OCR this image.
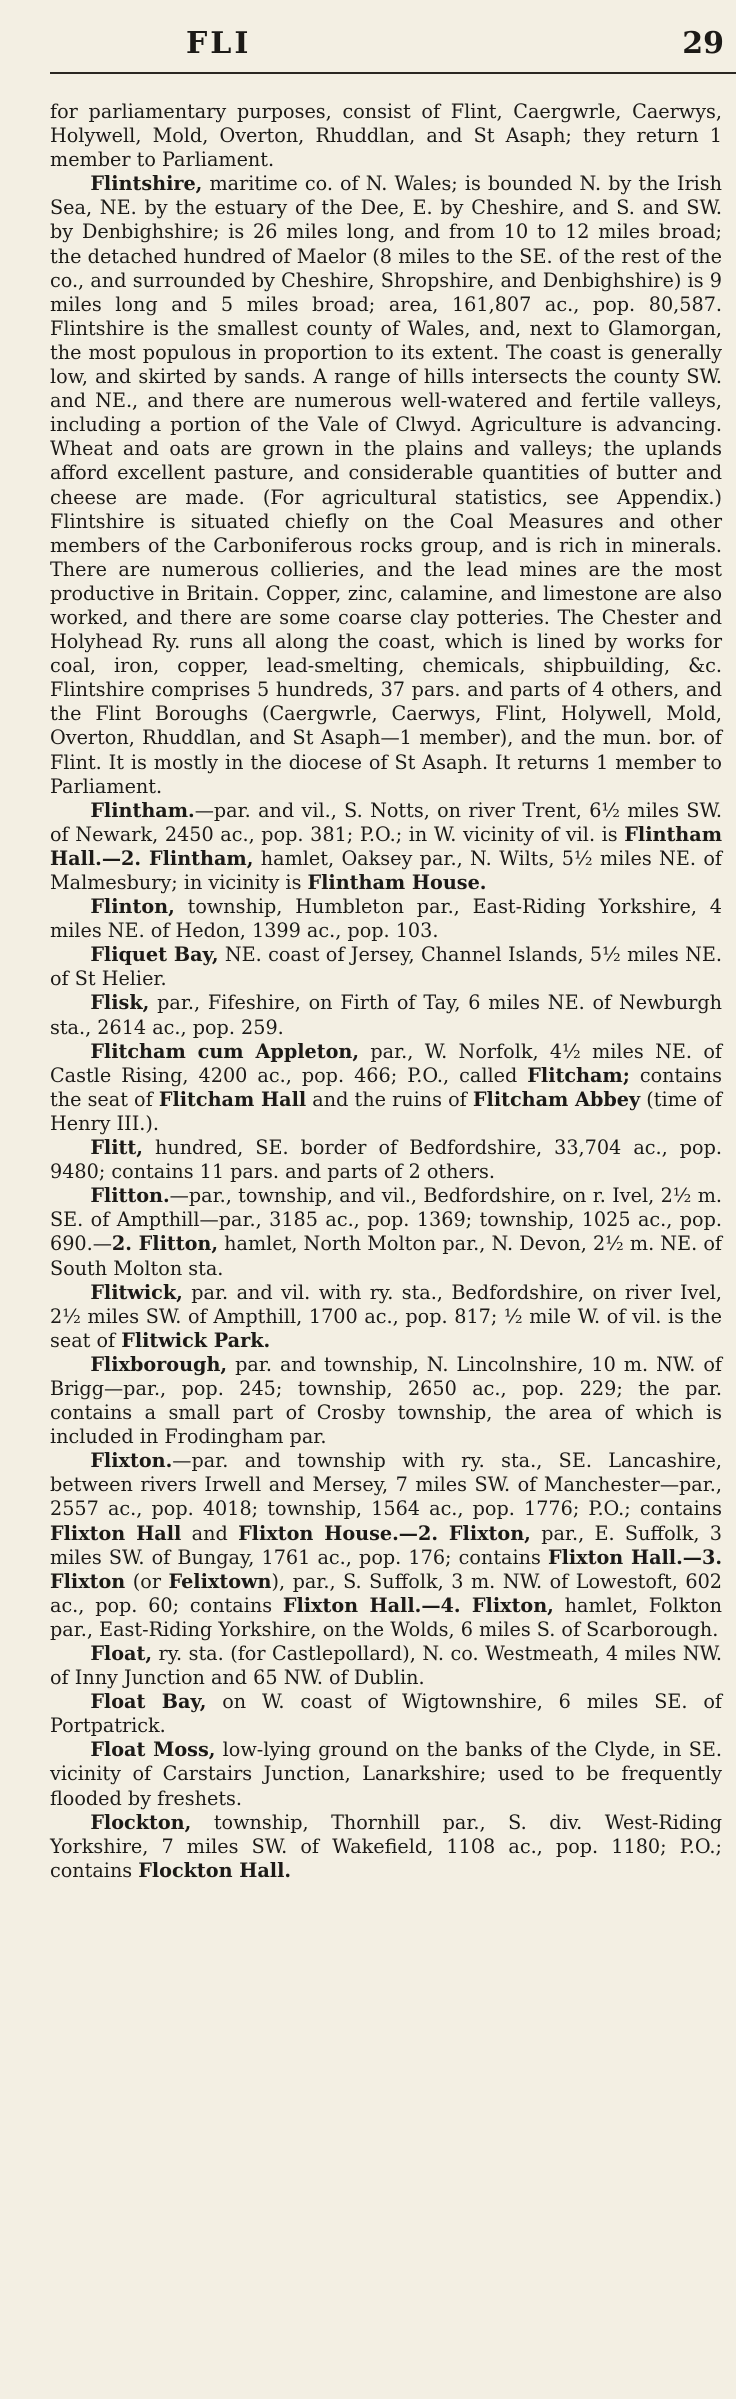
FLI	29

for parliamentary purposes, consist of Flint, Caergwrle, Caerwys, Holywell, Mold, Overton, Rhuddlan, and St Asaph; they return 1 member to Parliament.

Flintshire, maritime co. of N. Wales; is bounded N. by the Irish Sea, NE. by the estuary of the Dee, E. by Cheshire, and S. and SW. by Denbighshire; is 26 miles long, and from 10 to 12 miles broad; the detached hundred of Maelor (8 miles to the SE. of the rest of the co., and surrounded by Cheshire, Shropshire, and Denbighshire) is 9 miles long and 5 miles broad; area, 161,807 ac., pop. 80,587. Flintshire is the smallest county of Wales, and, next to Glamorgan, the most populous in proportion to its extent. The coast is generally low, and skirted by sands. A range of hills intersects the county SW. and NE., and there are numerous well-watered and fertile valleys, including a portion of the Vale of Clwyd. Agriculture is advancing. Wheat and oats are grown in the plains and valleys; the uplands afford excellent pasture, and considerable quantities of butter and cheese are made. (For agricultural statistics, see Appendix.) Flintshire is situated chiefly on the Coal Measures and other members of the Carboniferous rocks group, and is rich in minerals. There are numerous collieries, and the lead mines are the most productive in Britain. Copper, zinc, calamine, and limestone are also worked, and there are some coarse clay potteries. The Chester and Holyhead Ry. runs all along the coast, which is lined by works for coal, iron, copper, lead-smelting, chemicals, shipbuilding, &c. Flintshire comprises 5 hundreds, 37 pars. and parts of 4 others, and the Flint Boroughs (Caergwrle, Caerwys, Flint, Holywell, Mold, Overton, Rhuddlan, and St Asaph—1 member), and the mun. bor. of Flint. It is mostly in the diocese of St Asaph. It returns 1 member to Parliament.

Flintham.—par. and vil., S. Notts, on river Trent, 6½ miles SW. of Newark, 2450 ac., pop. 381; P.O.; in W. vicinity of vil. is Flintham Hall.—2. Flintham, hamlet, Oaksey par., N. Wilts, 5½ miles NE. of Malmesbury; in vicinity is Flintham House.

Flinton, township, Humbleton par., East-Riding Yorkshire, 4 miles NE. of Hedon, 1399 ac., pop. 103.

Fliquet Bay, NE. coast of Jersey, Channel Islands, 5½ miles NE. of St Helier.

Flisk, par., Fifeshire, on Firth of Tay, 6 miles NE. of Newburgh sta., 2614 ac., pop. 259.

Flitcham cum Appleton, par., W. Norfolk, 4½ miles NE. of Castle Rising, 4200 ac., pop. 466; P.O., called Flitcham; contains the seat of Flitcham Hall and the ruins of Flitcham Abbey (time of Henry III.).

Flitt, hundred, SE. border of Bedfordshire, 33,704 ac., pop. 9480; contains 11 pars. and parts of 2 others.

Flitton.—par., township, and vil., Bedfordshire, on r. Ivel, 2½ m. SE. of Ampthill—par., 3185 ac., pop. 1369; township, 1025 ac., pop. 690.—2. Flitton, hamlet, North Molton par., N. Devon, 2½ m. NE. of South Molton sta.

Flitwick, par. and vil. with ry. sta., Bedfordshire, on river Ivel, 2½ miles SW. of Ampthill, 1700 ac., pop. 817; ½ mile W. of vil. is the seat of Flitwick Park.

Flixborough, par. and township, N. Lincolnshire, 10 m. NW. of Brigg—par., pop. 245; township, 2650 ac., pop. 229; the par. contains a small part of Crosby township, the area of which is included in Frodingham par.

Flixton.—par. and township with ry. sta., SE. Lancashire, between rivers Irwell and Mersey, 7 miles SW. of Manchester—par., 2557 ac., pop. 4018; township, 1564 ac., pop. 1776; P.O.; contains Flixton Hall and Flixton House.—2. Flixton, par., E. Suffolk, 3 miles SW. of Bungay, 1761 ac., pop. 176; contains Flixton Hall.—3. Flixton (or Felixtown), par., S. Suffolk, 3 m. NW. of Lowestoft, 602 ac., pop. 60; contains Flixton Hall.—4. Flixton, hamlet, Folkton par., East-Riding Yorkshire, on the Wolds, 6 miles S. of Scarborough.

Float, ry. sta. (for Castlepollard), N. co. Westmeath, 4 miles NW. of Inny Junction and 65 NW. of Dublin.

Float Bay, on W. coast of Wigtownshire, 6 miles SE. of Portpatrick.

Float Moss, low-lying ground on the banks of the Clyde, in SE. vicinity of Carstairs Junction, Lanarkshire; used to be frequently flooded by freshets.

Flockton, township, Thornhill par., S. div. West-Riding Yorkshire, 7 miles SW. of Wakefield, 1108 ac., pop. 1180; P.O.; contains Flockton Hall.
